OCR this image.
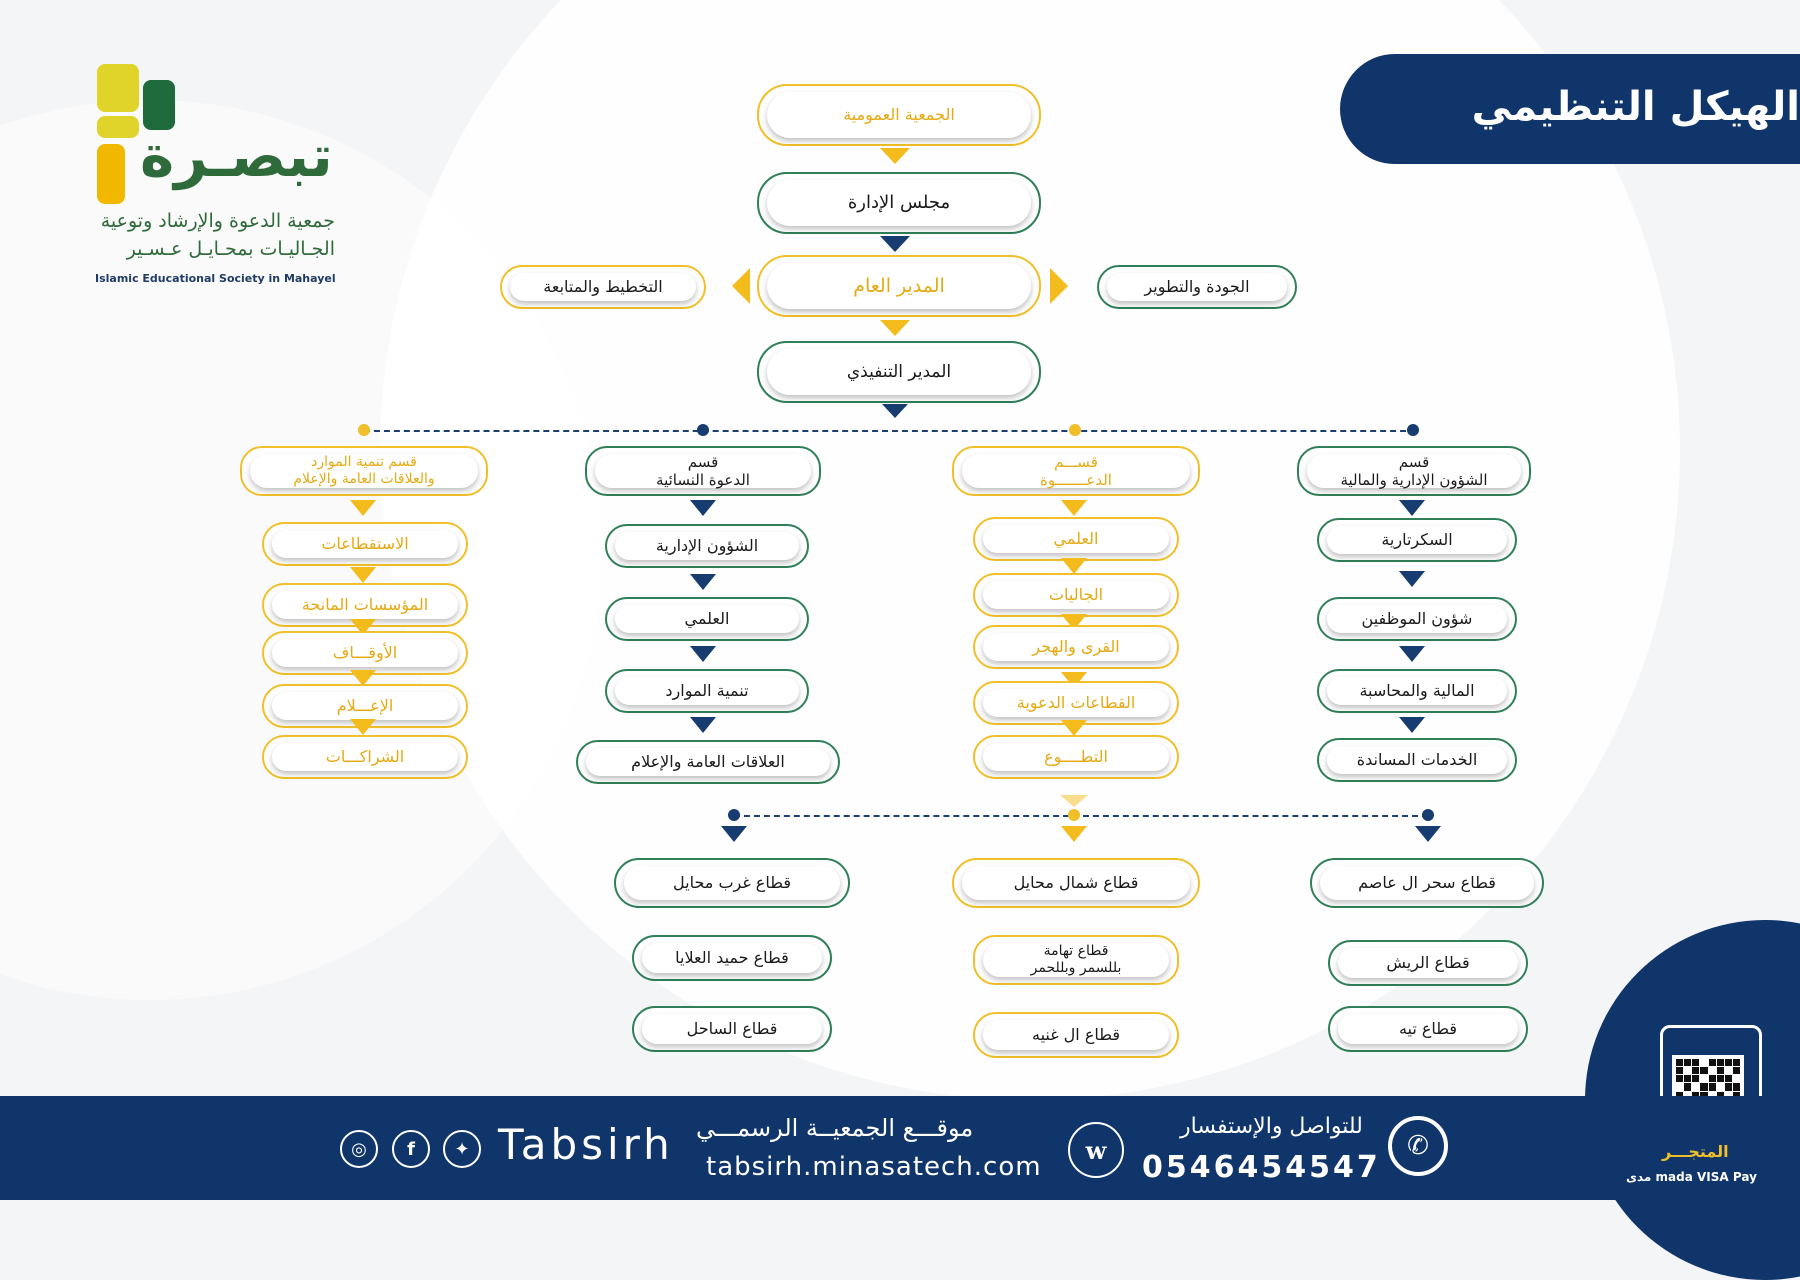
الهيكل التنظيمي
تبصـرة
جمعية الدعوة والإرشاد وتوعية
الجـاليـات بمحـايـل عـسـير
Islamic Educational Society in Mahayel
الجمعية العمومية
مجلس الإدارة
المدير العام
التخطيط والمتابعة	الجودة والتطوير
المدير التنفيذي
قسم
الشؤون الإدارية والمالية
السكرتارية
شؤون الموظفين
المالية والمحاسبة
الخدمات المساندة
قســـم
الدعـــــــوة
العلمي
الجاليات
القرى والهجر
القطاعات الدعوية
التطــــوع
قسم
الدعوة النسائية
الشؤون الإدارية
العلمي
تنمية الموارد
العلاقات العامة والإعلام
قسم تنمية الموارد
والعلاقات العامة والإعلام
الاستقطاعات
المؤسسات المانحة
الأوقـــاف
الإعـــلام
الشراكـــات
قطاع سحر ال عاصم
قطاع الريش
قطاع تيه
قطاع شمال محايل
قطاع تهامة
بللسمر وبللحمر
قطاع ال غنيه
قطاع غرب محايل
قطاع حميد العلايا
قطاع الساحل
◎	f	✦ Tabsirh موقـــع الجمعيــة الرسمـــي
tabsirh.minasatech.com
w
للتواصل والإستفسار
0546454547
✆	المتجـــر
مدى mada VISA Pay
